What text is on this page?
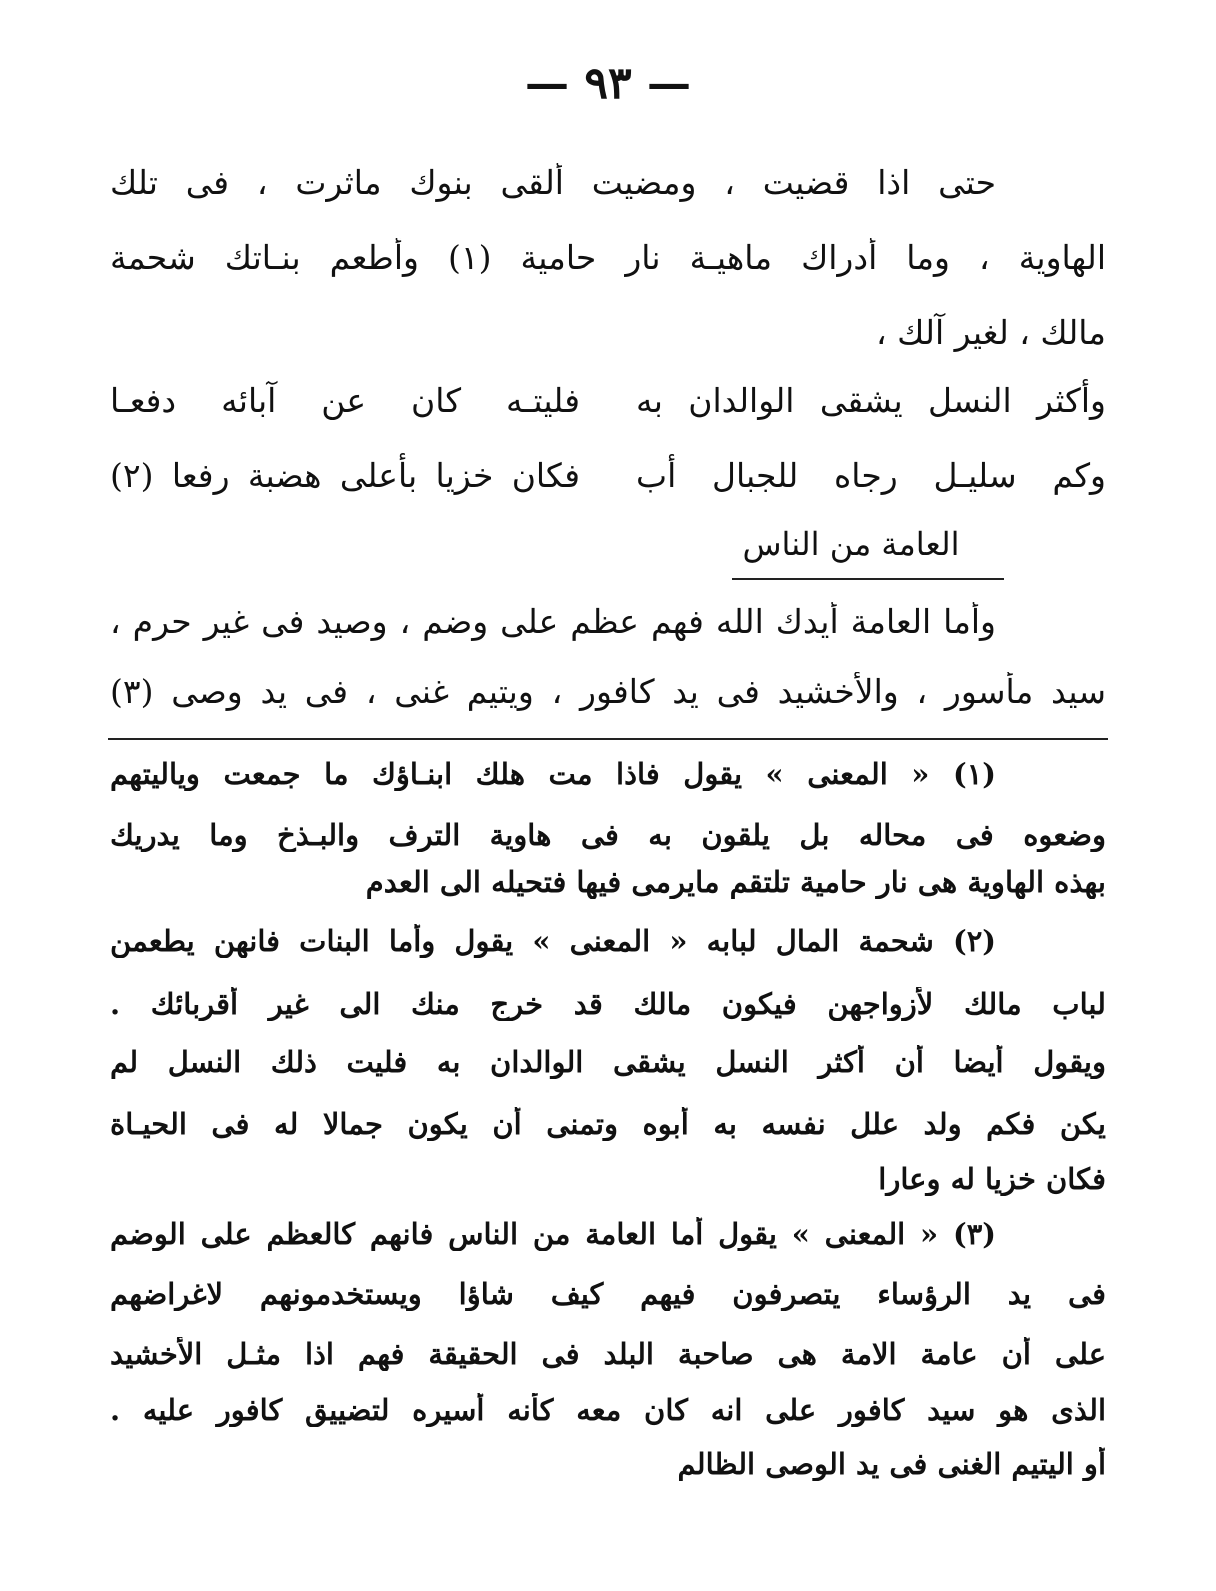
— ٩٣ —
حتى اذا قضيت ، ومضيت ألقى بنوك ماثرت ، فى تلك
الهاوية ، وما أدراك ماهيـة نار حامية (١) وأطعم بنـاتك شحمة
مالك ، لغير آلك ،
وأكثر النسل يشقى الوالدان به
فليتـه كان عن آبائه دفعـا
وكم سليـل رجاه للجبال أب
فكان خزيا بأعلى هضبة رفعا (٢)
العامة من الناس
وأما العامة أيدك الله فهم عظم على وضم ، وصيد فى غير حرم ،
سيد مأسور ، والأخشيد فى يد كافور ، ويتيم غنى ، فى يد وصى (٣)
(١) « المعنى » يقول فاذا مت هلك ابنـاؤك ما جمعت وياليتهم
وضعوه فى محاله بل يلقون به فى هاوية الترف والبـذخ وما يدريك
بهذه الهاوية هى نار حامية تلتقم مايرمى فيها فتحيله الى العدم
(٢) شحمة المال لبابه « المعنى » يقول وأما البنات فانهن يطعمن
لباب مالك لأزواجهن فيكون مالك قد خرج منك الى غير أقربائك .
ويقول أيضا أن أكثر النسل يشقى الوالدان به فليت ذلك النسل لم
يكن فكم ولد علل نفسه به أبوه وتمنى أن يكون جمالا له فى الحيـاة
فكان خزيا له وعارا
(٣) « المعنى » يقول أما العامة من الناس فانهم كالعظم على الوضم
فى يد الرؤساء يتصرفون فيهم كيف شاؤا ويستخدمونهم لاغراضهم
على أن عامة الامة هى صاحبة البلد فى الحقيقة فهم اذا مثـل الأخشيد
الذى هو سيد كافور على انه كان معه كأنه أسيره لتضييق كافور عليه .
أو اليتيم الغنى فى يد الوصى الظالم
